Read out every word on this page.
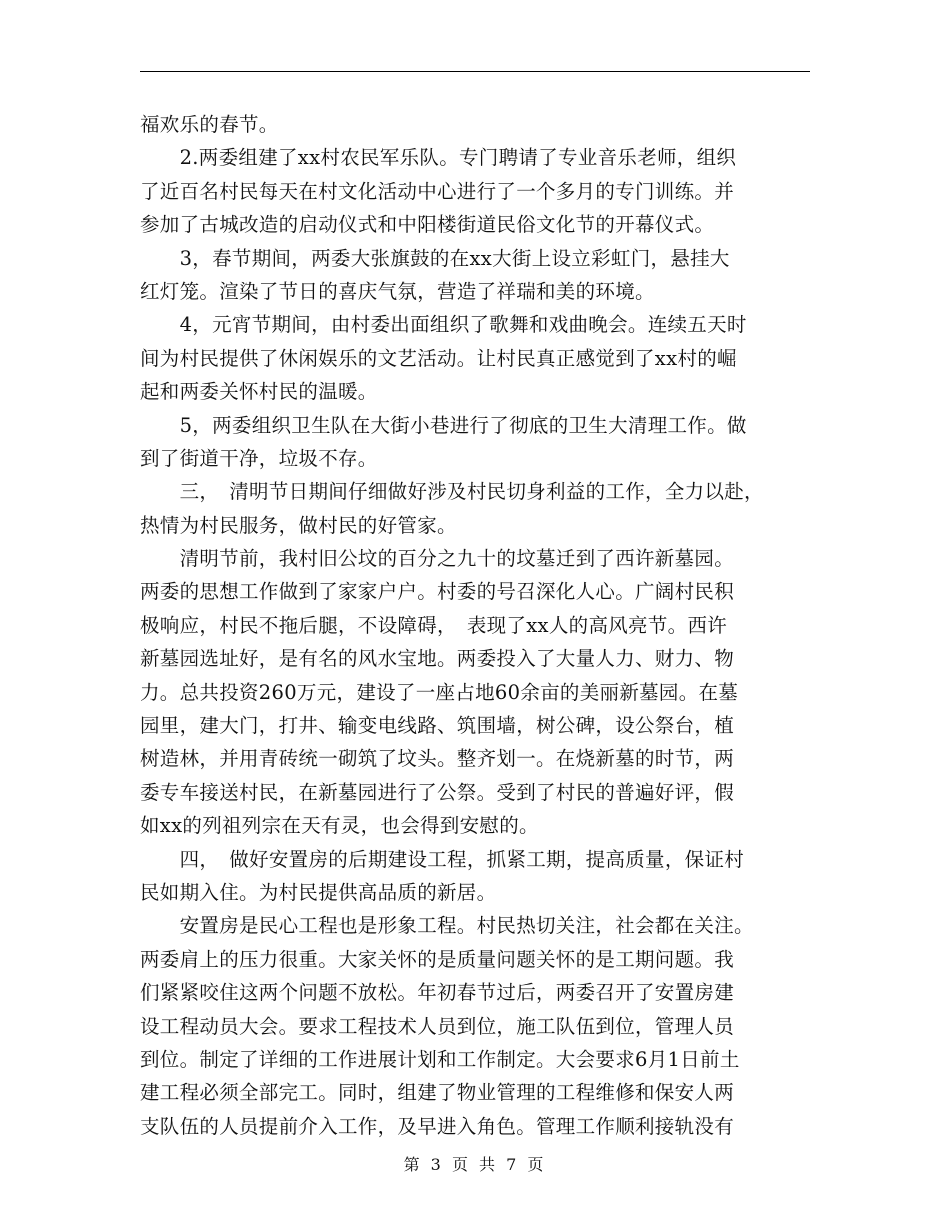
福欢乐的春节。
　　2.两委组建了xx村农民军乐队。专门聘请了专业音乐老师，组织
了近百名村民每天在村文化活动中心进行了一个多月的专门训练。并
参加了古城改造的启动仪式和中阳楼街道民俗文化节的开幕仪式。
　　3，春节期间，两委大张旗鼓的在xx大街上设立彩虹门，悬挂大
红灯笼。渲染了节日的喜庆气氛，营造了祥瑞和美的环境。
　　4，元宵节期间，由村委出面组织了歌舞和戏曲晚会。连续五天时
间为村民提供了休闲娱乐的文艺活动。让村民真正感觉到了xx村的崛
起和两委关怀村民的温暖。
　　5，两委组织卫生队在大街小巷进行了彻底的卫生大清理工作。做
到了街道干净，垃圾不存。
　　三，　清明节日期间仔细做好涉及村民切身利益的工作，全力以赴，
热情为村民服务，做村民的好管家。
　　清明节前，我村旧公坟的百分之九十的坟墓迁到了西许新墓园。
两委的思想工作做到了家家户户。村委的号召深化人心。广阔村民积
极响应，村民不拖后腿，不设障碍，　表现了xx人的高风亮节。西许
新墓园选址好，是有名的风水宝地。两委投入了大量人力、财力、物
力。总共投资260万元，建设了一座占地60余亩的美丽新墓园。在墓
园里，建大门，打井、输变电线路、筑围墙，树公碑，设公祭台，植
树造林，并用青砖统一砌筑了坟头。整齐划一。在烧新墓的时节，两
委专车接送村民，在新墓园进行了公祭。受到了村民的普遍好评，假
如xx的列祖列宗在天有灵，也会得到安慰的。
　　四，　做好安置房的后期建设工程，抓紧工期，提高质量，保证村
民如期入住。为村民提供高品质的新居。
　　安置房是民心工程也是形象工程。村民热切关注，社会都在关注。
两委肩上的压力很重。大家关怀的是质量问题关怀的是工期问题。我
们紧紧咬住这两个问题不放松。年初春节过后，两委召开了安置房建
设工程动员大会。要求工程技术人员到位，施工队伍到位，管理人员
到位。制定了详细的工作进展计划和工作制定。大会要求6月1日前土
建工程必须全部完工。同时，组建了物业管理的工程维修和保安人两
支队伍的人员提前介入工作，及早进入角色。管理工作顺利接轨没有
第 3 页 共 7 页
